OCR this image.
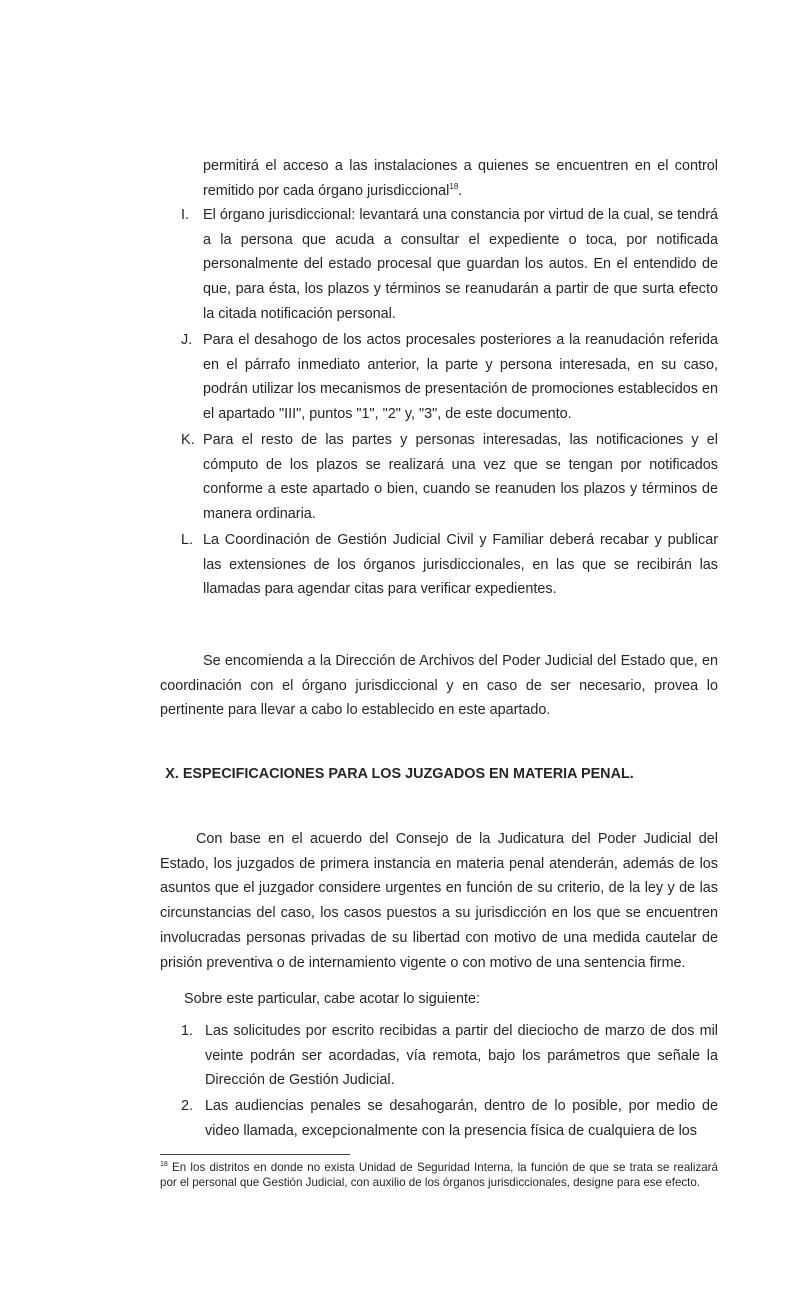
permitirá el acceso a las instalaciones a quienes se encuentren en el control remitido por cada órgano jurisdiccional$^{18}$.
I. El órgano jurisdiccional: levantará una constancia por virtud de la cual, se tendrá a la persona que acuda a consultar el expediente o toca, por notificada personalmente del estado procesal que guardan los autos. En el entendido de que, para ésta, los plazos y términos se reanudarán a partir de que surta efecto la citada notificación personal.
J. Para el desahogo de los actos procesales posteriores a la reanudación referida en el párrafo inmediato anterior, la parte y persona interesada, en su caso, podrán utilizar los mecanismos de presentación de promociones establecidos en el apartado "III", puntos "1", "2" y, "3", de este documento.
K. Para el resto de las partes y personas interesadas, las notificaciones y el cómputo de los plazos se realizará una vez que se tengan por notificados conforme a este apartado o bien, cuando se reanuden los plazos y términos de manera ordinaria.
L. La Coordinación de Gestión Judicial Civil y Familiar deberá recabar y publicar las extensiones de los órganos jurisdiccionales, en las que se recibirán las llamadas para agendar citas para verificar expedientes.
Se encomienda a la Dirección de Archivos del Poder Judicial del Estado que, en coordinación con el órgano jurisdiccional y en caso de ser necesario, provea lo pertinente para llevar a cabo lo establecido en este apartado.
X. ESPECIFICACIONES PARA LOS JUZGADOS EN MATERIA PENAL.
Con base en el acuerdo del Consejo de la Judicatura del Poder Judicial del Estado, los juzgados de primera instancia en materia penal atenderán, además de los asuntos que el juzgador considere urgentes en función de su criterio, de la ley y de las circunstancias del caso, los casos puestos a su jurisdicción en los que se encuentren involucradas personas privadas de su libertad con motivo de una medida cautelar de prisión preventiva o de internamiento vigente o con motivo de una sentencia firme.
Sobre este particular, cabe acotar lo siguiente:
1. Las solicitudes por escrito recibidas a partir del dieciocho de marzo de dos mil veinte podrán ser acordadas, vía remota, bajo los parámetros que señale la Dirección de Gestión Judicial.
2. Las audiencias penales se desahogarán, dentro de lo posible, por medio de video llamada, excepcionalmente con la presencia física de cualquiera de los
$^{18}$ En los distritos en donde no exista Unidad de Seguridad Interna, la función de que se trata se realizará por el personal que Gestión Judicial, con auxilio de los órganos jurisdiccionales, designe para ese efecto.
